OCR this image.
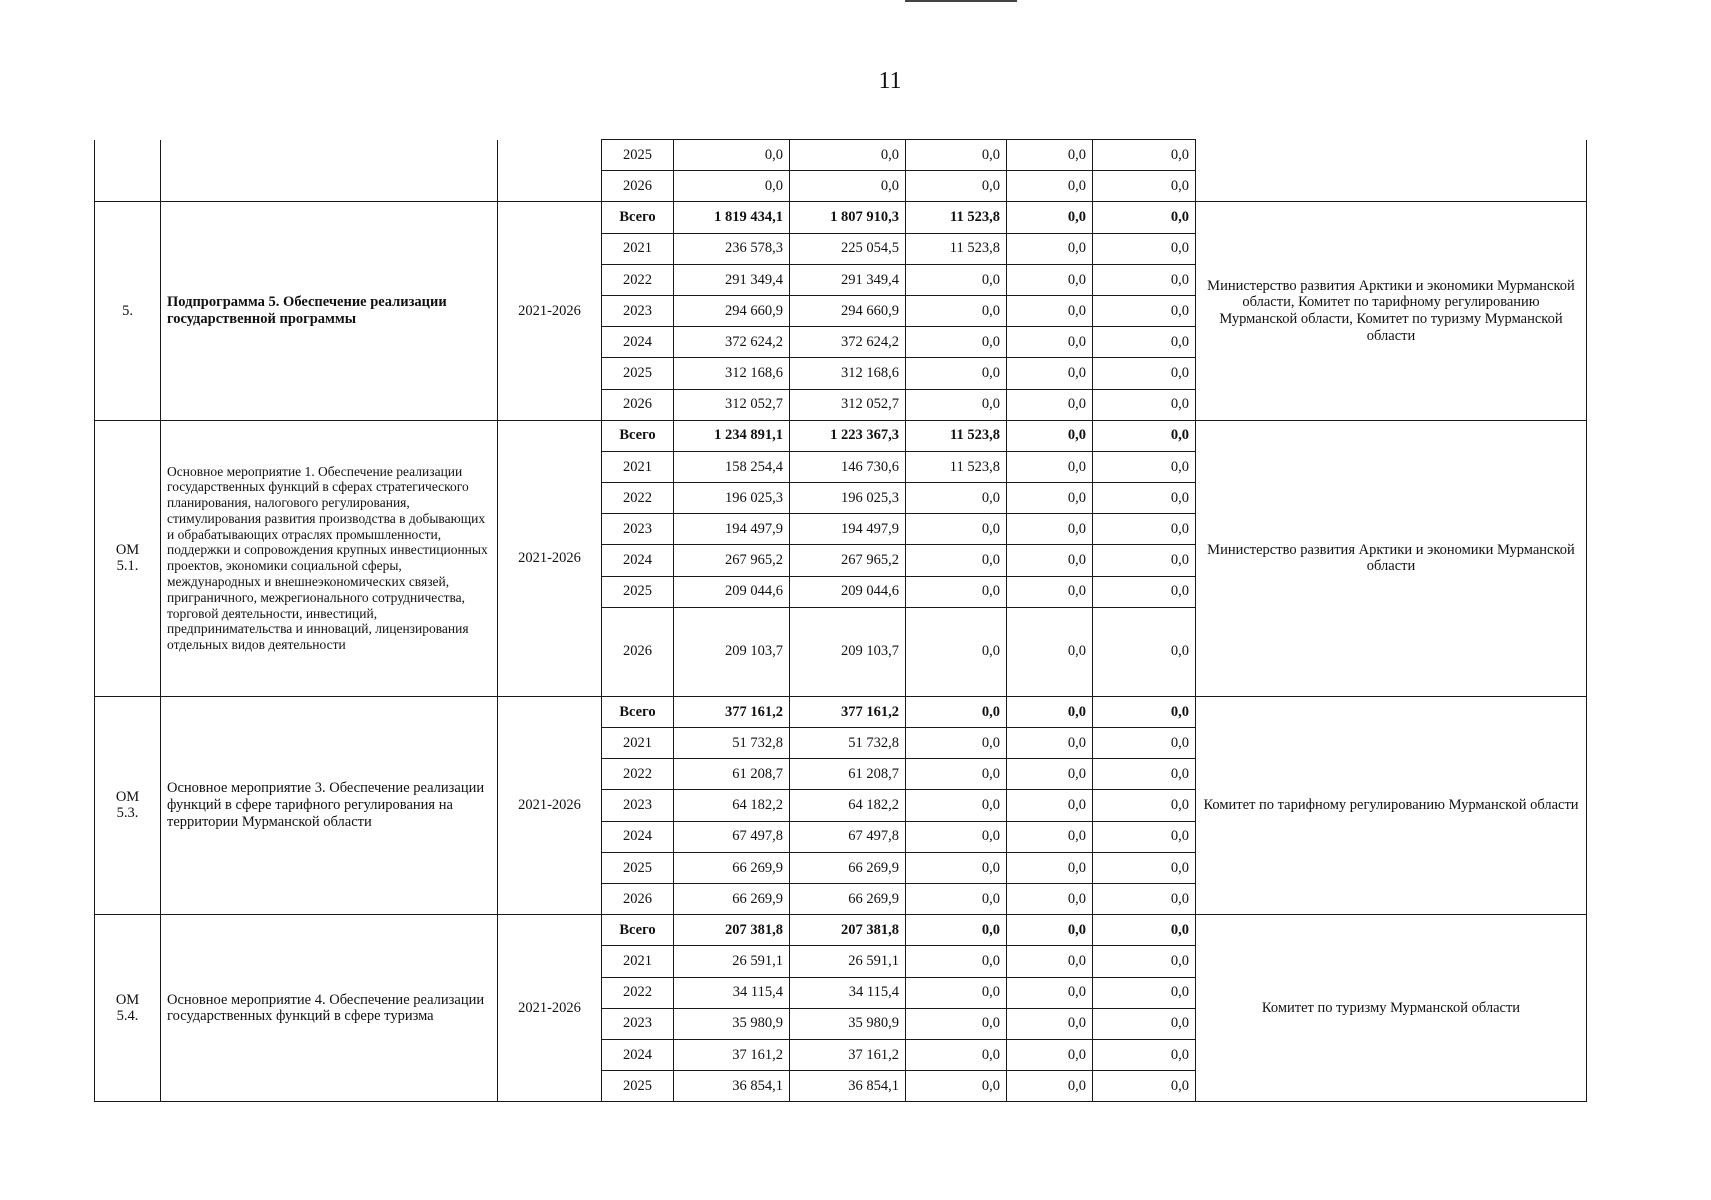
11
			2025	0,0	0,0	0,0	0,0	0,0	
			2026	0,0	0,0	0,0	0,0	0,0	

5.	Подпрограмма 5. Обеспечение реализации государственной программы	2021-2026	Всего	1 819 434,1	1 807 910,3	11 523,8	0,0	0,0	Министерство развития Арктики и экономики Мурманской области, Комитет по тарифному регулированию Мурманской области, Комитет по туризму Мурманской области
			2021	236 578,3	225 054,5	11 523,8	0,0	0,0	
			2022	291 349,4	291 349,4	0,0	0,0	0,0	
			2023	294 660,9	294 660,9	0,0	0,0	0,0	
			2024	372 624,2	372 624,2	0,0	0,0	0,0	
			2025	312 168,6	312 168,6	0,0	0,0	0,0	
			2026	312 052,7	312 052,7	0,0	0,0	0,0	

ОМ
5.1.	Основное мероприятие 1. Обеспечение реализации государственных функций в сферах стратегического планирования, налогового регулирования, стимулирования развития производства в добывающих и обрабатывающих отраслях промышленности, поддержки и сопровождения крупных инвестиционных проектов, экономики социальной сферы, международных и внешнеэкономических связей, приграничного, межрегионального сотрудничества, торговой деятельности, инвестиций, предпринимательства и инноваций, лицензирования отдельных видов деятельности	2021-2026	Всего	1 234 891,1	1 223 367,3	11 523,8	0,0	0,0	Министерство развития Арктики и экономики Мурманской области
			2021	158 254,4	146 730,6	11 523,8	0,0	0,0	
			2022	196 025,3	196 025,3	0,0	0,0	0,0	
			2023	194 497,9	194 497,9	0,0	0,0	0,0	
			2024	267 965,2	267 965,2	0,0	0,0	0,0	
			2025	209 044,6	209 044,6	0,0	0,0	0,0	
			2026	209 103,7	209 103,7	0,0	0,0	0,0	

ОМ
5.3.	Основное мероприятие 3. Обеспечение реализации функций в сфере тарифного регулирования на территории Мурманской области	2021-2026	Всего	377 161,2	377 161,2	0,0	0,0	0,0	Комитет по тарифному регулированию Мурманской области
			2021	51 732,8	51 732,8	0,0	0,0	0,0	
			2022	61 208,7	61 208,7	0,0	0,0	0,0	
			2023	64 182,2	64 182,2	0,0	0,0	0,0	
			2024	67 497,8	67 497,8	0,0	0,0	0,0	
			2025	66 269,9	66 269,9	0,0	0,0	0,0	
			2026	66 269,9	66 269,9	0,0	0,0	0,0	

ОМ
5.4.	Основное мероприятие 4. Обеспечение реализации государственных функций в сфере туризма	2021-2026	Всего	207 381,8	207 381,8	0,0	0,0	0,0	Комитет по туризму Мурманской области
			2021	26 591,1	26 591,1	0,0	0,0	0,0	
			2022	34 115,4	34 115,4	0,0	0,0	0,0	
			2023	35 980,9	35 980,9	0,0	0,0	0,0	
			2024	37 161,2	37 161,2	0,0	0,0	0,0	
			2025	36 854,1	36 854,1	0,0	0,0	0,0	
